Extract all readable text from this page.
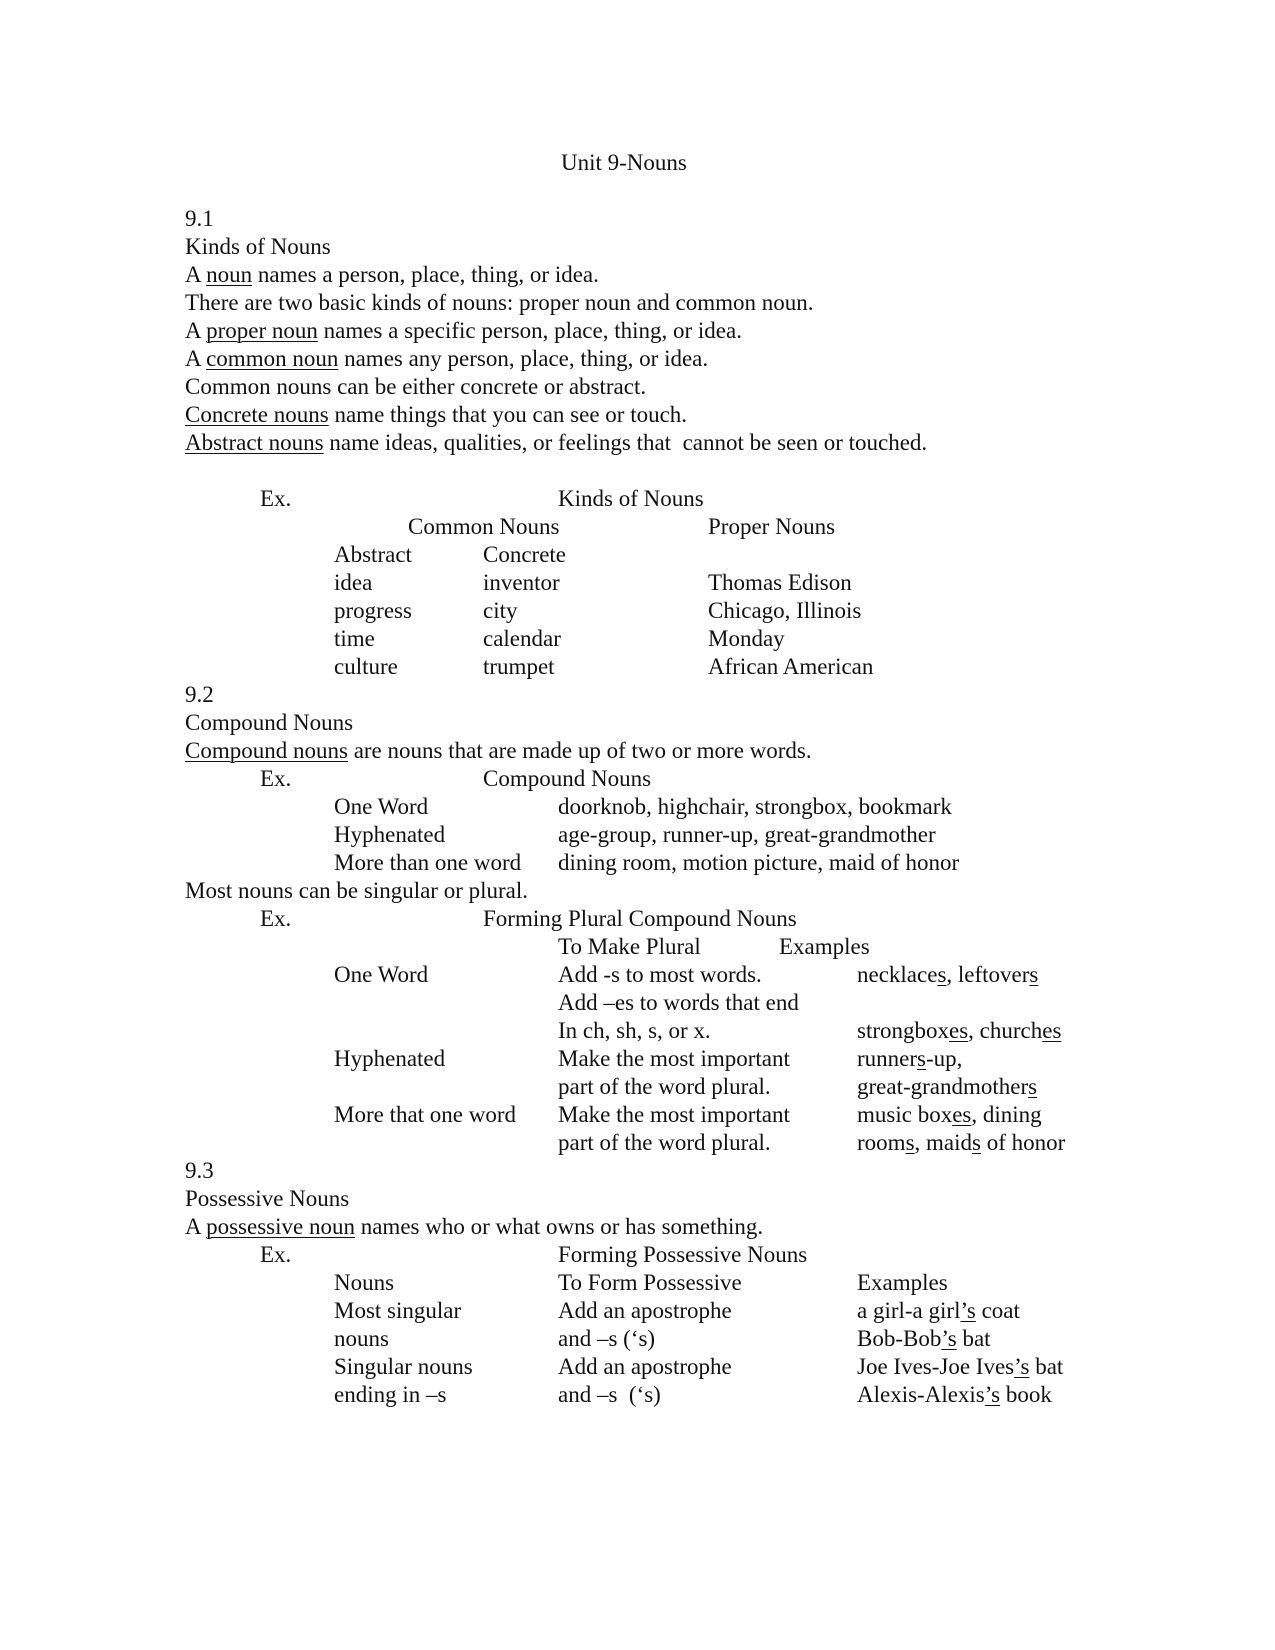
Unit 9-Nouns
9.1
Kinds of Nouns
A noun names a person, place, thing, or idea.
There are two basic kinds of nouns: proper noun and common noun.
A proper noun names a specific person, place, thing, or idea.
A common noun names any person, place, thing, or idea.
Common nouns can be either concrete or abstract.
Concrete nouns name things that you can see or touch.
Abstract nouns name ideas, qualities, or feelings that  cannot be seen or touched.
Ex.	Kinds of Nouns
Common Nouns	Proper Nouns
Abstract	Concrete
idea	inventor	Thomas Edison
progress	city	Chicago, Illinois
time	calendar	Monday
culture	trumpet	African American
9.2
Compound Nouns
Compound nouns are nouns that are made up of two or more words.
Ex.	Compound Nouns
One Word	doorknob, highchair, strongbox, bookmark
Hyphenated	age-group, runner-up, great-grandmother
More than one word dining room, motion picture, maid of honor
Most nouns can be singular or plural.
Ex.	Forming Plural Compound Nouns
To Make Plural	Examples
One Word	Add -s to most words.	necklaces, leftovers
Add –es to words that end
In ch, sh, s, or x.	strongboxes, churches
Hyphenated	Make the most important	runners-up,
part of the word plural.	great-grandmothers
More that one word Make the most important	music boxes, dining
part of the word plural.	rooms, maids of honor
9.3
Possessive Nouns
A possessive noun names who or what owns or has something.
Ex.	Forming Possessive Nouns
Nouns	To Form Possessive	Examples
Most singular	Add an apostrophe	a girl-a girl’s coat
nouns	and –s (‘s)	Bob-Bob’s bat
Singular nouns	Add an apostrophe	Joe Ives-Joe Ives’s bat
ending in –s	and –s  (‘s)	Alexis-Alexis’s book
